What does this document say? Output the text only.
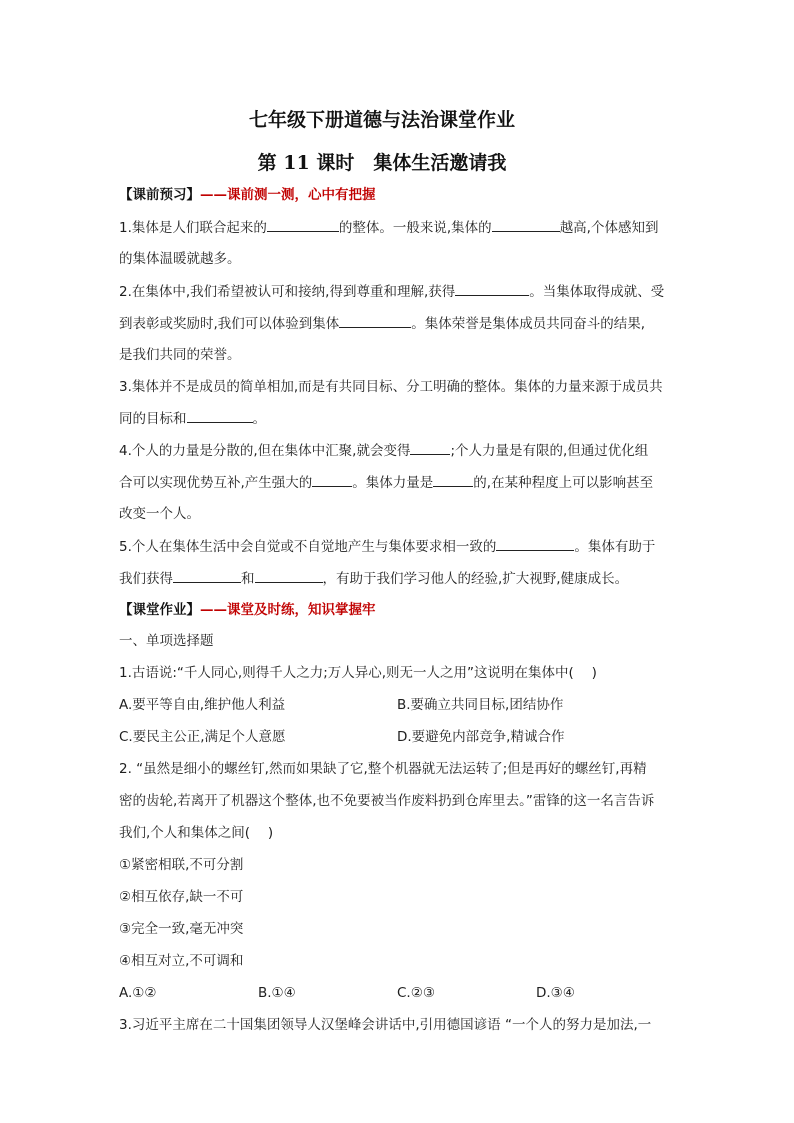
七年级下册道德与法治课堂作业
第 11 课时　集体生活邀请我
【课前预习】——课前测一测，心中有把握
1.集体是人们联合起来的	的整体。一般来说,集体的	越高,个体感知到
的集体温暖就越多。
2.在集体中,我们希望被认可和接纳,得到尊重和理解,获得	。当集体取得成就、受
到表彰或奖励时,我们可以体验到集体	。集体荣誉是集体成员共同奋斗的结果,
是我们共同的荣誉。
3.集体并不是成员的简单相加,而是有共同目标、分工明确的整体。集体的力量来源于成员共
同的目标和	。
4.个人的力量是分散的,但在集体中汇聚,就会变得	;个人力量是有限的,但通过优化组
合可以实现优势互补,产生强大的	。集体力量是	的,在某种程度上可以影响甚至
改变一个人。
5.个人在集体生活中会自觉或不自觉地产生与集体要求相一致的	。集体有助于
我们获得	和	，有助于我们学习他人的经验,扩大视野,健康成长。
【课堂作业】——课堂及时练，知识掌握牢
一、单项选择题
1.古语说:“千人同心,则得千人之力;万人异心,则无一人之用”这说明在集体中(　 )
A.要平等自由,维护他人利益	B.要确立共同目标,团结协作
C.要民主公正,满足个人意愿	D.要避免内部竞争,精诚合作
2. “虽然是细小的螺丝钉,然而如果缺了它,整个机器就无法运转了;但是再好的螺丝钉,再精
密的齿轮,若离开了机器这个整体,也不免要被当作废料扔到仓库里去。”雷锋的这一名言告诉
我们,个人和集体之间(　 )
①紧密相联,不可分割
②相互依存,缺一不可
③完全一致,毫无冲突
④相互对立,不可调和
A.①②	B.①④	C.②③	D.③④
3.习近平主席在二十国集团领导人汉堡峰会讲话中,引用德国谚语 “一个人的努力是加法,一
